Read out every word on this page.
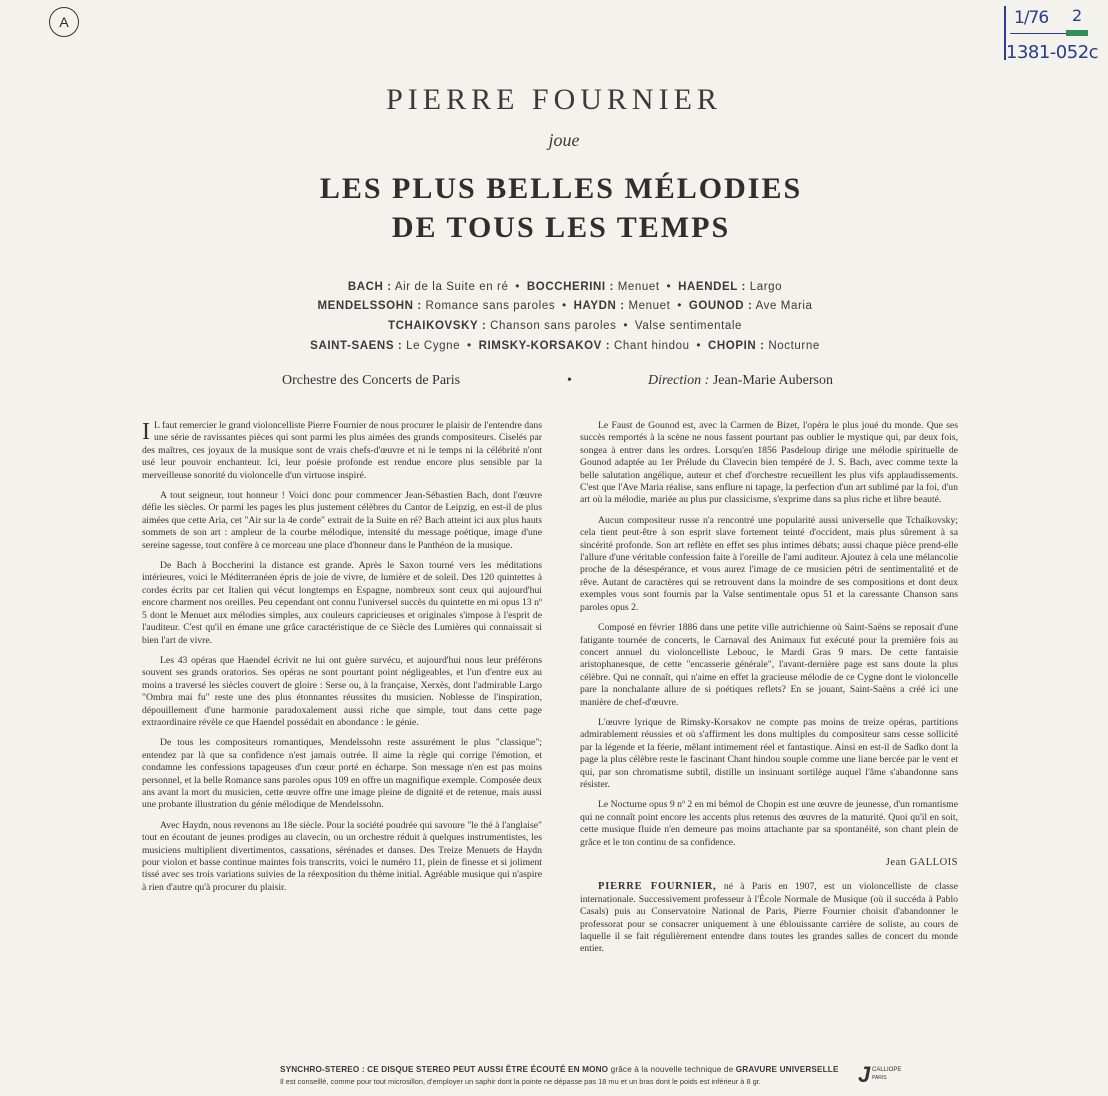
A	1/76 2
1381-052c
PIERRE FOURNIER
joue
LES PLUS BELLES MÉLODIES
DE TOUS LES TEMPS
BACH : Air de la Suite en ré • BOCCHERINI : Menuet • HAENDEL : Largo
MENDELSSOHN : Romance sans paroles • HAYDN : Menuet • GOUNOD : Ave Maria
TCHAIKOVSKY : Chanson sans paroles • Valse sentimentale
SAINT-SAENS : Le Cygne • RIMSKY-KORSAKOV : Chant hindou • CHOPIN : Nocturne
Orchestre des Concerts de Paris	•	Direction : Jean-Marie Auberson

I L faut remercier le grand violoncelliste Pierre Fournier de nous procurer le plaisir de l'entendre dans une série de ravissantes pièces qui sont parmi les plus aimées des grands compositeurs. Ciselés par des maîtres, ces joyaux de la musique sont de vrais chefs-d'œuvre et ni le temps ni la célébrité n'ont usé leur pouvoir enchanteur. Ici, leur poésie profonde est rendue encore plus sensible par la merveilleuse sonorité du violoncelle d'un virtuose inspiré.

A tout seigneur, tout honneur ! Voici donc pour commencer Jean-Sébastien Bach, dont l'œuvre défie les siècles. Or parmi les pages les plus justement célèbres du Cantor de Leipzig, en est-il de plus aimées que cette Aria, cet "Air sur la 4e corde" extrait de la Suite en ré? Bach atteint ici aux plus hauts sommets de son art : ampleur de la courbe mélodique, intensité du message poétique, image d'une sereine sagesse, tout confère à ce morceau une place d'honneur dans le Panthéon de la musique.

De Bach à Boccherini la distance est grande. Après le Saxon tourné vers les méditations intérieures, voici le Méditerranéen épris de joie de vivre, de lumière et de soleil. Des 120 quintettes à cordes écrits par cet Italien qui vécut longtemps en Espagne, nombreux sont ceux qui aujourd'hui encore charment nos oreilles. Peu cependant ont connu l'universel succès du quintette en mi opus 13 nº 5 dont le Menuet aux mélodies simples, aux couleurs capricieuses et originales s'impose à l'esprit de l'auditeur. C'est qu'il en émane une grâce caractéristique de ce Siècle des Lumières qui connaissait si bien l'art de vivre.

Les 43 opéras que Haendel écrivit ne lui ont guère survécu, et aujourd'hui nous leur préférons souvent ses grands oratorios. Ses opéras ne sont pourtant point négligeables, et l'un d'entre eux au moins a traversé les siècles couvert de gloire : Serse ou, à la française, Xerxès, dont l'admirable Largo "Ombra mai fu" reste une des plus étonnantes réussites du musicien. Noblesse de l'inspiration, dépouillement d'une harmonie paradoxalement aussi riche que simple, tout dans cette page extraordinaire révèle ce que Haendel possédait en abondance : le génie.

De tous les compositeurs romantiques, Mendelssohn reste assurément le plus "classique"; entendez par là que sa confidence n'est jamais outrée. Il aime la règle qui corrige l'émotion, et condamne les confessions tapageuses d'un cœur porté en écharpe. Son message n'en est pas moins personnel, et la belle Romance sans paroles opus 109 en offre un magnifique exemple. Composée deux ans avant la mort du musicien, cette œuvre offre une image pleine de dignité et de retenue, mais aussi une probante illustration du génie mélodique de Mendelssohn.

Avec Haydn, nous revenons au 18e siècle. Pour la société poudrée qui savoure "le thé à l'anglaise" tout en écoutant de jeunes prodiges au clavecin, ou un orchestre réduit à quelques instrumentistes, les musiciens multiplient divertimentos, cassations, sérénades et danses. Des Treize Menuets de Haydn pour violon et basse continue maintes fois transcrits, voici le numéro 11, plein de finesse et si joliment tissé avec ses trois variations suivies de la réexposition du thème initial. Agréable musique qui n'aspire à rien d'autre qu'à procurer du plaisir.

Le Faust de Gounod est, avec la Carmen de Bizet, l'opéra le plus joué du monde. Que ses succès remportés à la scène ne nous fassent pourtant pas oublier le mystique qui, par deux fois, songea à entrer dans les ordres. Lorsqu'en 1856 Pasdeloup dirige une mélodie spirituelle de Gounod adaptée au 1er Prélude du Clavecin bien tempéré de J. S. Bach, avec comme texte la belle salutation angélique, auteur et chef d'orchestre recueillent les plus vifs applaudissements. C'est que l'Ave Maria réalise, sans enflure ni tapage, la perfection d'un art sublimé par la foi, d'un art où la mélodie, mariée au plus pur classicisme, s'exprime dans sa plus riche et libre beauté.

Aucun compositeur russe n'a rencontré une popularité aussi universelle que Tchaïkovsky; cela tient peut-être à son esprit slave fortement teinté d'occident, mais plus sûrement à sa sincérité profonde. Son art reflète en effet ses plus intimes débats; aussi chaque pièce prend-elle l'allure d'une véritable confession faite à l'oreille de l'ami auditeur. Ajoutez à cela une mélancolie proche de la désespérance, et vous aurez l'image de ce musicien pétri de sentimentalité et de rêve. Autant de caractères qui se retrouvent dans la moindre de ses compositions et dont deux exemples vous sont fournis par la Valse sentimentale opus 51 et la caressante Chanson sans paroles opus 2.

Composé en février 1886 dans une petite ville autrichienne où Saint-Saëns se reposait d'une fatigante tournée de concerts, le Carnaval des Animaux fut exécuté pour la première fois au concert annuel du violoncelliste Lebouc, le Mardi Gras 9 mars. De cette fantaisie aristophanesque, de cette "encasserie générale", l'avant-dernière page est sans doute la plus célèbre. Qui ne connaît, qui n'aime en effet la gracieuse mélodie de ce Cygne dont le violoncelle pare la nonchalante allure de si poétiques reflets? En se jouant, Saint-Saëns a créé ici une manière de chef-d'œuvre.

L'œuvre lyrique de Rimsky-Korsakov ne compte pas moins de treize opéras, partitions admirablement réussies et où s'affirment les dons multiples du compositeur sans cesse sollicité par la légende et la féerie, mêlant intimement réel et fantastique. Ainsi en est-il de Sadko dont la page la plus célèbre reste le fascinant Chant hindou souple comme une liane bercée par le vent et qui, par son chromatisme subtil, distille un insinuant sortilège auquel l'âme s'abandonne sans résister.

Le Nocturne opus 9 nº 2 en mi bémol de Chopin est une œuvre de jeunesse, d'un romantisme qui ne connaît point encore les accents plus retenus des œuvres de la maturité. Quoi qu'il en soit, cette musique fluide n'en demeure pas moins attachante par sa spontanéité, son chant plein de grâce et le ton continu de sa confidence.

Jean GALLOIS

PIERRE FOURNIER, né à Paris en 1907, est un violoncelliste de classe internationale. Successivement professeur à l'École Normale de Musique (où il succéda à Pablo Casals) puis au Conservatoire National de Paris, Pierre Fournier choisit d'abandonner le professorat pour se consacrer uniquement à une éblouissante carrière de soliste, au cours de laquelle il se fait régulièrement entendre dans toutes les grandes salles de concert du monde entier.

SYNCHRO-STEREO : CE DISQUE STEREO PEUT AUSSI ÊTRE ÉCOUTÉ EN MONO grâce à la nouvelle technique de GRAVURE UNIVERSELLE
Il est conseillé, comme pour tout microsillon, d'employer un saphir dont la pointe ne dépasse pas 18 mu et un bras dont le poids est inférieur à 8 gr.	J CALLIOPE
PARIS
